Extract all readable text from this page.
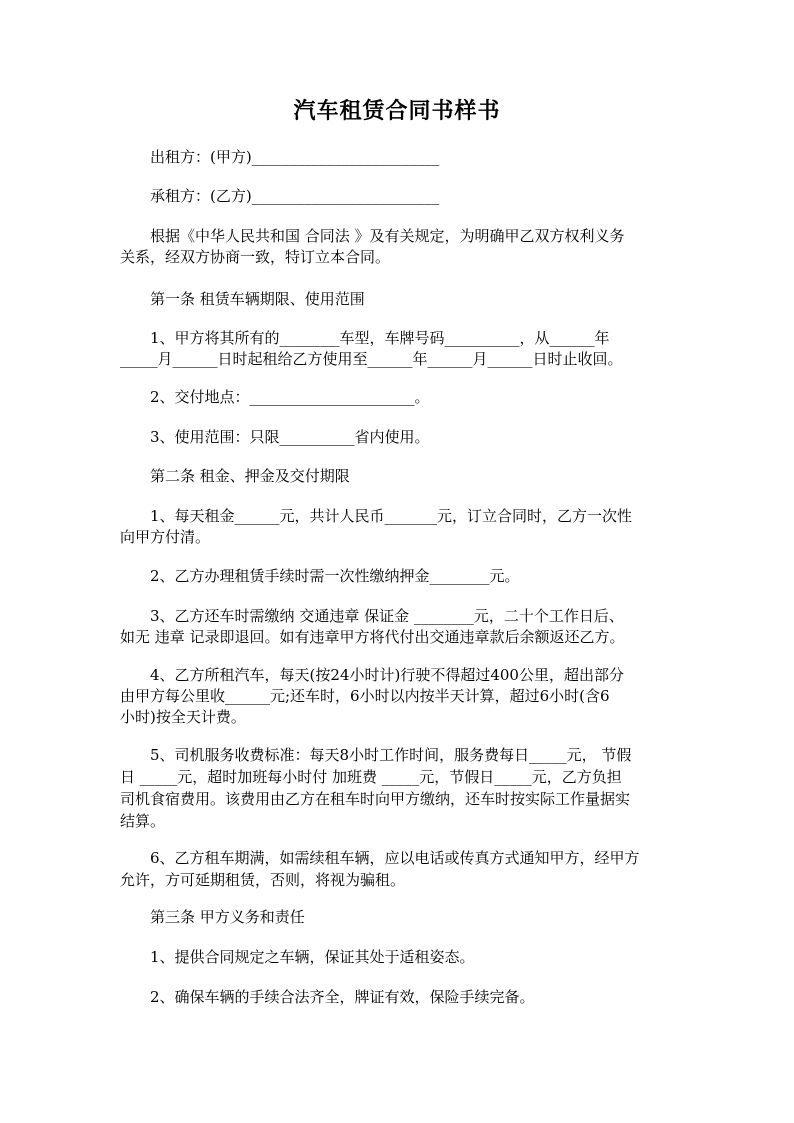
汽车租赁合同书样书
出租方：(甲方)_________________________
承租方：(乙方)_________________________
根据《中华人民共和国 合同法 》及有关规定，为明确甲乙双方权利义务
关系，经双方协商一致，特订立本合同。
第一条 租赁车辆期限、使用范围
1、甲方将其所有的________车型，车牌号码__________，从______年
_____月______日时起租给乙方使用至______年______月______日时止收回。
2、交付地点：______________________。
3、使用范围：只限__________省内使用。
第二条 租金、押金及交付期限
1、每天租金______元，共计人民币_______元，订立合同时，乙方一次性
向甲方付清。
2、乙方办理租赁手续时需一次性缴纳押金________元。
3、乙方还车时需缴纳 交通违章 保证金 ________元，二十个工作日后、
如无 违章 记录即退回。如有违章甲方将代付出交通违章款后余额返还乙方。
4、乙方所租汽车，每天(按24小时计)行驶不得超过400公里，超出部分
由甲方每公里收______元;还车时，6小时以内按半天计算，超过6小时(含6
小时)按全天计费。
5、司机服务收费标准：每天8小时工作时间，服务费每日_____元， 节假
日 _____元，超时加班每小时付 加班费 _____元，节假日_____元，乙方负担
司机食宿费用。该费用由乙方在租车时向甲方缴纳，还车时按实际工作量据实
结算。
6、乙方租车期满，如需续租车辆，应以电话或传真方式通知甲方，经甲方
允许，方可延期租赁，否则，将视为骗租。
第三条 甲方义务和责任
1、提供合同规定之车辆，保证其处于适租姿态。
2、确保车辆的手续合法齐全，牌证有效，保险手续完备。
